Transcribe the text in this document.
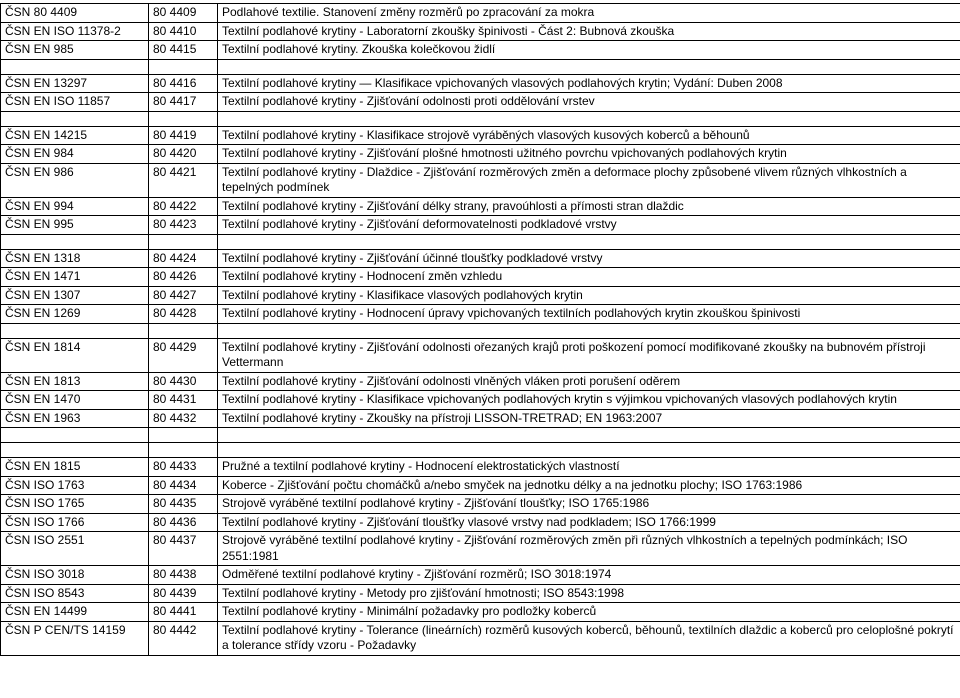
ČSN 80 4409	80 4409	Podlahové textilie. Stanovení změny rozměrů po zpracování za mokra
ČSN EN ISO 11378-2	80 4410	Textilní podlahové krytiny - Laboratorní zkoušky špinivosti - Část 2: Bubnová zkouška
ČSN EN 985	80 4415	Textilní podlahové krytiny. Zkouška kolečkovou židlí

ČSN EN 13297	80 4416	Textilní podlahové krytiny — Klasifikace vpichovaných vlasových podlahových krytin; Vydání: Duben 2008
ČSN EN ISO 11857	80 4417	Textilní podlahové krytiny - Zjišťování odolnosti proti oddělování vrstev

ČSN EN 14215	80 4419	Textilní podlahové krytiny - Klasifikace strojově vyráběných vlasových kusových koberců a běhounů
ČSN EN 984	80 4420	Textilní podlahové krytiny - Zjišťování plošné hmotnosti užitného povrchu vpichovaných podlahových krytin
ČSN EN 986	80 4421	Textilní podlahové krytiny - Dlaždice - Zjišťování rozměrových změn a deformace plochy způsobené vlivem různých vlhkostních a tepelných podmínek
ČSN EN 994	80 4422	Textilní podlahové krytiny - Zjišťování délky strany, pravoúhlosti a přímosti stran dlaždic
ČSN EN 995	80 4423	Textilní podlahové krytiny - Zjišťování deformovatelnosti podkladové vrstvy

ČSN EN 1318	80 4424	Textilní podlahové krytiny - Zjišťování účinné tloušťky podkladové vrstvy
ČSN EN 1471	80 4426	Textilní podlahové krytiny - Hodnocení změn vzhledu
ČSN EN 1307	80 4427	Textilní podlahové krytiny - Klasifikace vlasových podlahových krytin
ČSN EN 1269	80 4428	Textilní podlahové krytiny - Hodnocení úpravy vpichovaných textilních podlahových krytin zkouškou špinivosti

ČSN EN 1814	80 4429	Textilní podlahové krytiny - Zjišťování odolnosti ořezaných krajů proti poškození pomocí modifikované zkoušky na bubnovém přístroji Vettermann
ČSN EN 1813	80 4430	Textilní podlahové krytiny - Zjišťování odolnosti vlněných vláken proti porušení oděrem
ČSN EN 1470	80 4431	Textilní podlahové krytiny - Klasifikace vpichovaných podlahových krytin s výjimkou vpichovaných vlasových podlahových krytin
ČSN EN 1963	80 4432	Textilní podlahové krytiny - Zkoušky na přístroji LISSON-TRETRAD; EN 1963:2007

ČSN EN 1815	80 4433	Pružné a textilní podlahové krytiny - Hodnocení elektrostatických vlastností
ČSN ISO 1763	80 4434	Koberce - Zjišťování počtu chomáčků a/nebo smyček na jednotku délky a na jednotku plochy; ISO 1763:1986
ČSN ISO 1765	80 4435	Strojově vyráběné textilní podlahové krytiny - Zjišťování tloušťky; ISO 1765:1986
ČSN ISO 1766	80 4436	Textilní podlahové krytiny - Zjišťování tloušťky vlasové vrstvy nad podkladem; ISO 1766:1999
ČSN ISO 2551	80 4437	Strojově vyráběné textilní podlahové krytiny - Zjišťování rozměrových změn při různých vlhkostních a tepelných podmínkách; ISO 2551:1981
ČSN ISO 3018	80 4438	Odměřené textilní podlahové krytiny - Zjišťování rozměrů; ISO 3018:1974
ČSN ISO 8543	80 4439	Textilní podlahové krytiny - Metody pro zjišťování hmotnosti; ISO 8543:1998
ČSN EN 14499	80 4441	Textilní podlahové krytiny - Minimální požadavky pro podložky koberců
ČSN P CEN/TS 14159	80 4442	Textilní podlahové krytiny - Tolerance (lineárních) rozměrů kusových koberců, běhounů, textilních dlaždic a koberců pro celoplošné pokrytí a tolerance střídy vzoru - Požadavky
